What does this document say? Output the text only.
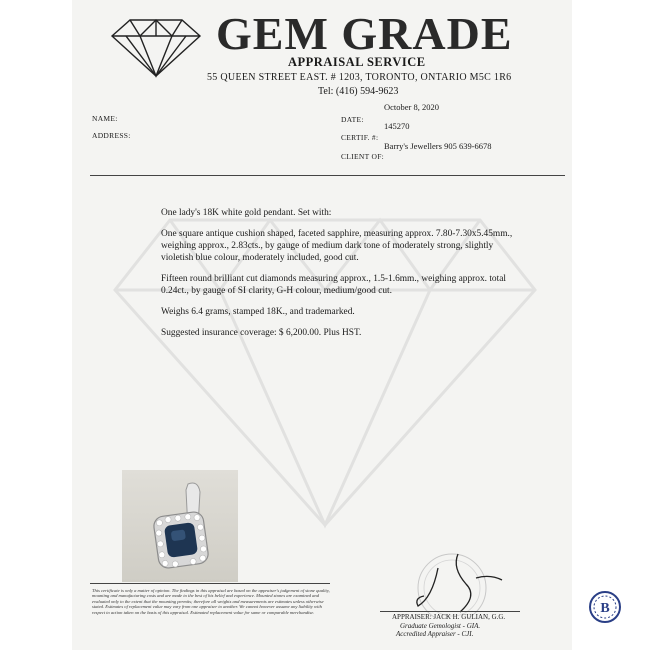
GEM GRADE
APPRAISAL SERVICE
55 QUEEN STREET EAST. # 1203, TORONTO, ONTARIO M5C 1R6
Tel: (416) 594-9623
NAME:
ADDRESS:
October 8, 2020
DATE:
145270
CERTIF. #:
Barry's Jewellers 905 639-6678
CLIENT OF:

One lady's 18K white gold pendant. Set with:

One square antique cushion shaped, faceted sapphire, measuring approx. 7.80-7.30x5.45mm., weighing approx., 2.83cts., by gauge of medium dark tone of moderately strong, slightly violetish blue colour, moderately included, good cut.

Fifteen round brilliant cut diamonds measuring approx., 1.5-1.6mm., weighing approx. total 0.24ct., by gauge of SI clarity, G-H colour, medium/good cut.

Weighs 6.4 grams, stamped 18K., and trademarked.

Suggested insurance coverage: $ 6,200.00. Plus HST.

This certificate is only a matter of opinion. The findings in this appraisal are based on the appraiser's judgement of stone quality, mounting and manufacturing costs and are made to the best of his belief and experience. Mounted stones are examined and evaluated only to the extent that the mounting permits; therefore all weights and measurements are estimates unless otherwise stated. Estimates of replacement value may vary from one appraiser to another. We cannot however assume any liability with respect to action taken on the basis of this appraisal. Estimated replacement value for same or comparable merchandise.
APPRAISER: JACK H. GULIAN, G.G.
Graduate Gemologist - GIA.
Accredited Appraiser - CJI.
B
